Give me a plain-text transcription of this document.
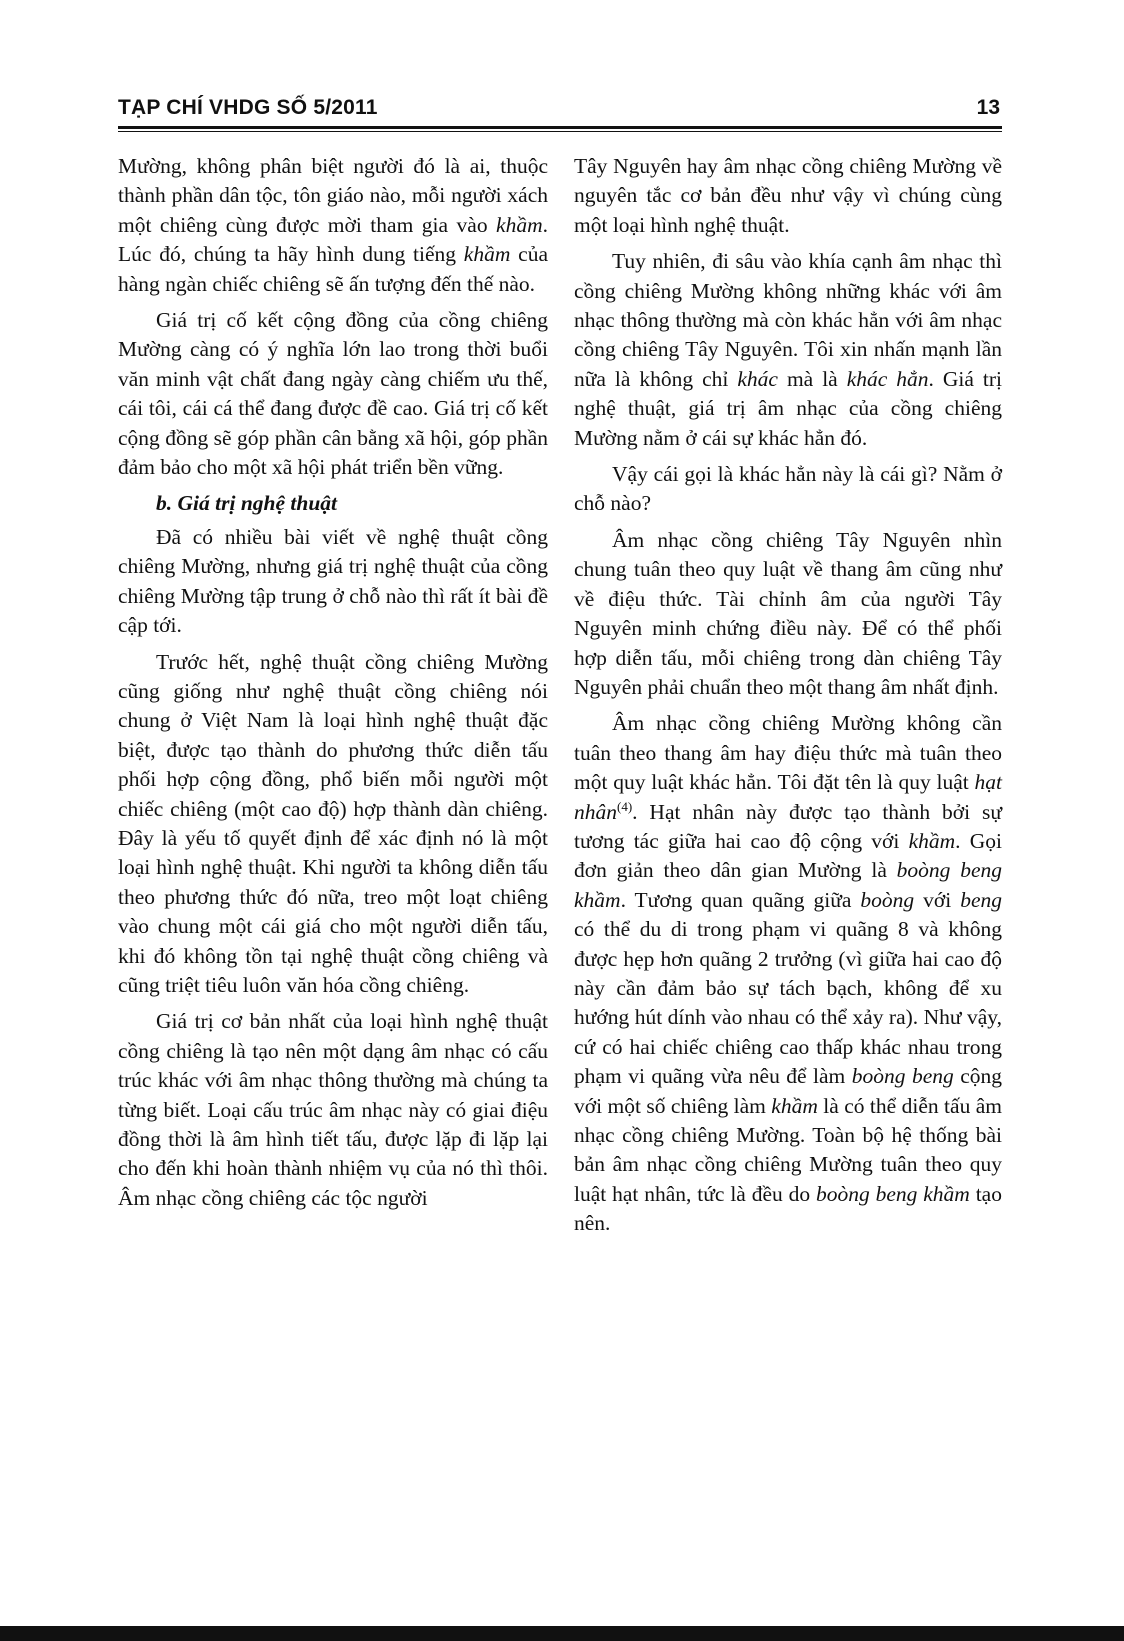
TẠP CHÍ VHDG SỐ 5/2011	13

Mường, không phân biệt người đó là ai, thuộc thành phần dân tộc, tôn giáo nào, mỗi người xách một chiêng cùng được mời tham gia vào khầm. Lúc đó, chúng ta hãy hình dung tiếng khầm của hàng ngàn chiếc chiêng sẽ ấn tượng đến thế nào.

Giá trị cố kết cộng đồng của cồng chiêng Mường càng có ý nghĩa lớn lao trong thời buổi văn minh vật chất đang ngày càng chiếm ưu thế, cái tôi, cái cá thể đang được đề cao. Giá trị cố kết cộng đồng sẽ góp phần cân bằng xã hội, góp phần đảm bảo cho một xã hội phát triển bền vững.

b. Giá trị nghệ thuật

Đã có nhiều bài viết về nghệ thuật cồng chiêng Mường, nhưng giá trị nghệ thuật của cồng chiêng Mường tập trung ở chỗ nào thì rất ít bài đề cập tới.

Trước hết, nghệ thuật cồng chiêng Mường cũng giống như nghệ thuật cồng chiêng nói chung ở Việt Nam là loại hình nghệ thuật đặc biệt, được tạo thành do phương thức diễn tấu phối hợp cộng đồng, phổ biến mỗi người một chiếc chiêng (một cao độ) hợp thành dàn chiêng. Đây là yếu tố quyết định để xác định nó là một loại hình nghệ thuật. Khi người ta không diễn tấu theo phương thức đó nữa, treo một loạt chiêng vào chung một cái giá cho một người diễn tấu, khi đó không tồn tại nghệ thuật cồng chiêng và cũng triệt tiêu luôn văn hóa cồng chiêng.

Giá trị cơ bản nhất của loại hình nghệ thuật cồng chiêng là tạo nên một dạng âm nhạc có cấu trúc khác với âm nhạc thông thường mà chúng ta từng biết. Loại cấu trúc âm nhạc này có giai điệu đồng thời là âm hình tiết tấu, được lặp đi lặp lại cho đến khi hoàn thành nhiệm vụ của nó thì thôi. Âm nhạc cồng chiêng các tộc người

Tây Nguyên hay âm nhạc cồng chiêng Mường về nguyên tắc cơ bản đều như vậy vì chúng cùng một loại hình nghệ thuật.

Tuy nhiên, đi sâu vào khía cạnh âm nhạc thì cồng chiêng Mường không những khác với âm nhạc thông thường mà còn khác hẳn với âm nhạc cồng chiêng Tây Nguyên. Tôi xin nhấn mạnh lần nữa là không chỉ khác mà là khác hẳn. Giá trị nghệ thuật, giá trị âm nhạc của cồng chiêng Mường nằm ở cái sự khác hẳn đó.

Vậy cái gọi là khác hẳn này là cái gì? Nằm ở chỗ nào?

Âm nhạc cồng chiêng Tây Nguyên nhìn chung tuân theo quy luật về thang âm cũng như về điệu thức. Tài chỉnh âm của người Tây Nguyên minh chứng điều này. Để có thể phối hợp diễn tấu, mỗi chiêng trong dàn chiêng Tây Nguyên phải chuẩn theo một thang âm nhất định.

Âm nhạc cồng chiêng Mường không cần tuân theo thang âm hay điệu thức mà tuân theo một quy luật khác hẳn. Tôi đặt tên là quy luật hạt nhân$^{(4)}$. Hạt nhân này được tạo thành bởi sự tương tác giữa hai cao độ cộng với khầm. Gọi đơn giản theo dân gian Mường là boòng beng khầm. Tương quan quãng giữa boòng với beng có thể du di trong phạm vi quãng 8 và không được hẹp hơn quãng 2 trưởng (vì giữa hai cao độ này cần đảm bảo sự tách bạch, không để xu hướng hút dính vào nhau có thể xảy ra). Như vậy, cứ có hai chiếc chiêng cao thấp khác nhau trong phạm vi quãng vừa nêu để làm boòng beng cộng với một số chiêng làm khầm là có thể diễn tấu âm nhạc cồng chiêng Mường. Toàn bộ hệ thống bài bản âm nhạc cồng chiêng Mường tuân theo quy luật hạt nhân, tức là đều do boòng beng khầm tạo nên.
